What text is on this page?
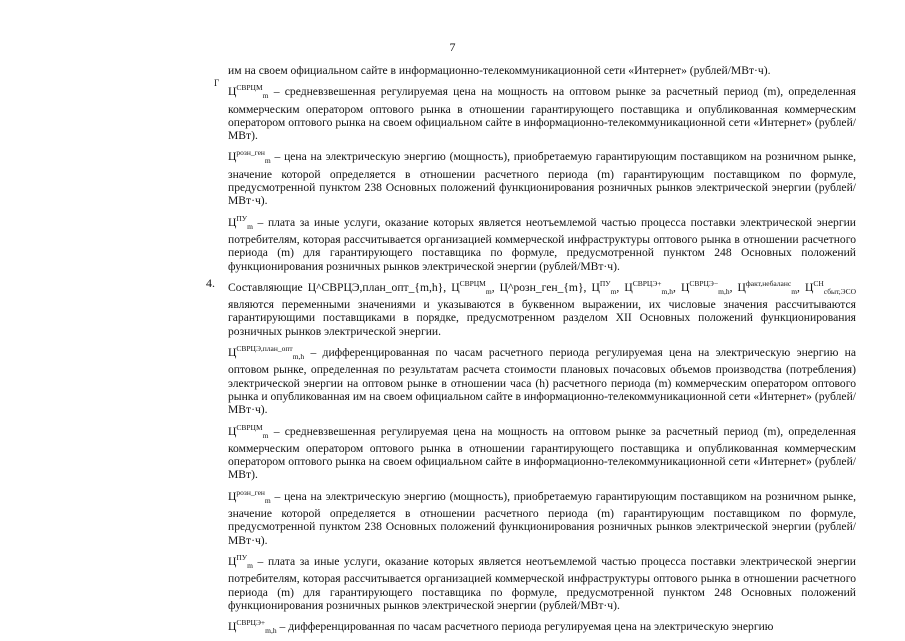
7
Г

им на своем официальном сайте в информационно-телекоммуникационной сети «Интернет» (рублей/МВт·ч).

$Ц^{СВРЦМ}_m$ – средневзвешенная регулируемая цена на мощность на оптовом рынке за расчетный период (m), определенная коммерческим оператором оптового рынка в отношении гарантирующего поставщика и опубликованная коммерческим оператором оптового рынка на своем официальном сайте в информационно-телекоммуникационной сети «Интернет» (рублей/МВт).

$Ц^{розн\_ген}_m$ – цена на электрическую энергию (мощность), приобретаемую гарантирующим поставщиком на розничном рынке, значение которой определяется в отношении расчетного периода (m) гарантирующим поставщиком по формуле, предусмотренной пунктом 238 Основных положений функционирования розничных рынков электрической энергии (рублей/МВт·ч).

$Ц^{ПУ}_m$ – плата за иные услуги, оказание которых является неотъемлемой частью процесса поставки электрической энергии потребителям, которая рассчитывается организацией коммерческой инфраструктуры оптового рынка в отношении расчетного периода (m) для гарантирующего поставщика по формуле, предусмотренной пунктом 248 Основных положений функционирования розничных рынков электрической энергии (рублей/МВт·ч).

4. Составляющие Ц^СВРЦЭ,план_опт_{m,h}, $Ц^{СВРЦМ}_m$, Ц^розн_ген_{m}, $Ц^{ПУ}_m$, $Ц^{СВРЦЭ+}_{m,h}$, $Ц^{СВРЦЭ-}_{m,h}$, $Ц^{факт,небаланс}_m$, $Ц^{СН}_{сбыт,ЭСО}$ являются переменными значениями и указываются в буквенном выражении, их числовые значения рассчитываются гарантирующими поставщиками в порядке, предусмотренном разделом XII Основных положений функционирования розничных рынков электрической энергии.

$Ц^{СВРЦЭ,план\_опт}_{m,h}$ – дифференцированная по часам расчетного периода регулируемая цена на электрическую энергию на оптовом рынке, определенная по результатам расчета стоимости плановых почасовых объемов производства (потребления) электрической энергии на оптовом рынке в отношении часа (h) расчетного периода (m) коммерческим оператором оптового рынка и опубликованная им на своем официальном сайте в информационно-телекоммуникационной сети «Интернет» (рублей/МВт·ч).

$Ц^{СВРЦМ}_m$ – средневзвешенная регулируемая цена на мощность на оптовом рынке за расчетный период (m), определенная коммерческим оператором оптового рынка в отношении гарантирующего поставщика и опубликованная коммерческим оператором оптового рынка на своем официальном сайте в информационно-телекоммуникационной сети «Интернет» (рублей/МВт).

$Ц^{розн\_ген}_m$ – цена на электрическую энергию (мощность), приобретаемую гарантирующим поставщиком на розничном рынке, значение которой определяется в отношении расчетного периода (m) гарантирующим поставщиком по формуле, предусмотренной пунктом 238 Основных положений функционирования розничных рынков электрической энергии (рублей/МВт·ч).

$Ц^{ПУ}_m$ – плата за иные услуги, оказание которых является неотъемлемой частью процесса поставки электрической энергии потребителям, которая рассчитывается организацией коммерческой инфраструктуры оптового рынка в отношении расчетного периода (m) для гарантирующего поставщика по формуле, предусмотренной пунктом 248 Основных положений функционирования розничных рынков электрической энергии (рублей/МВт·ч).

$Ц^{СВРЦЭ+}_{m,h}$ – дифференцированная по часам расчетного периода регулируемая цена на электрическую энергию
